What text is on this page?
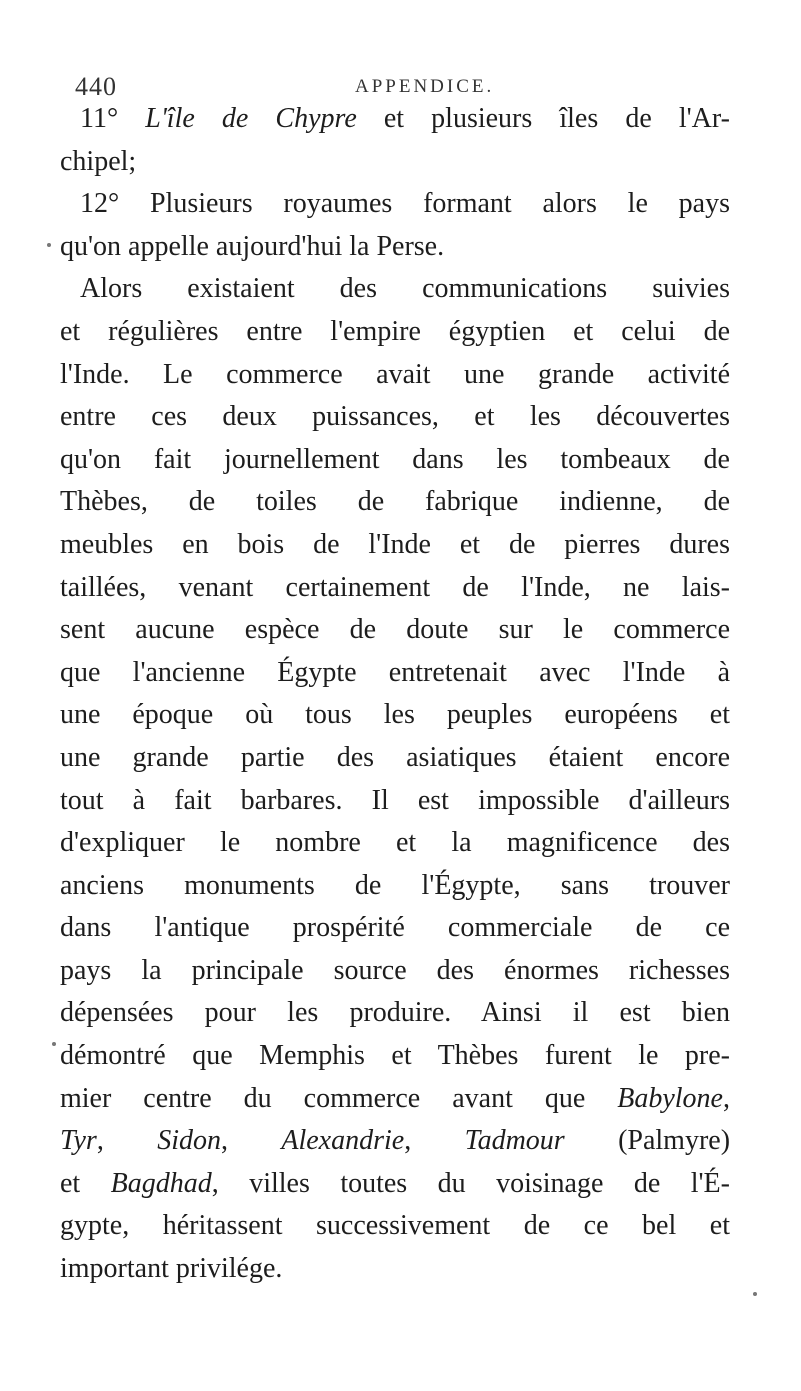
440	APPENDICE.
11° L'île de Chypre et plusieurs îles de l'Ar-
chipel;
12° Plusieurs royaumes formant alors le pays
qu'on appelle aujourd'hui la Perse.
Alors existaient des communications suivies
et régulières entre l'empire égyptien et celui de
l'Inde. Le commerce avait une grande activité
entre ces deux puissances, et les découvertes
qu'on fait journellement dans les tombeaux de
Thèbes, de toiles de fabrique indienne, de
meubles en bois de l'Inde et de pierres dures
taillées, venant certainement de l'Inde, ne lais-
sent aucune espèce de doute sur le commerce
que l'ancienne Égypte entretenait avec l'Inde à
une époque où tous les peuples européens et
une grande partie des asiatiques étaient encore
tout à fait barbares. Il est impossible d'ailleurs
d'expliquer le nombre et la magnificence des
anciens monuments de l'Égypte, sans trouver
dans l'antique prospérité commerciale de ce
pays la principale source des énormes richesses
dépensées pour les produire. Ainsi il est bien
démontré que Memphis et Thèbes furent le pre-
mier centre du commerce avant que Babylone,
Tyr, Sidon, Alexandrie, Tadmour (Palmyre)
et Bagdhad, villes toutes du voisinage de l'É-
gypte, héritassent successivement de ce bel et
important privilége.
